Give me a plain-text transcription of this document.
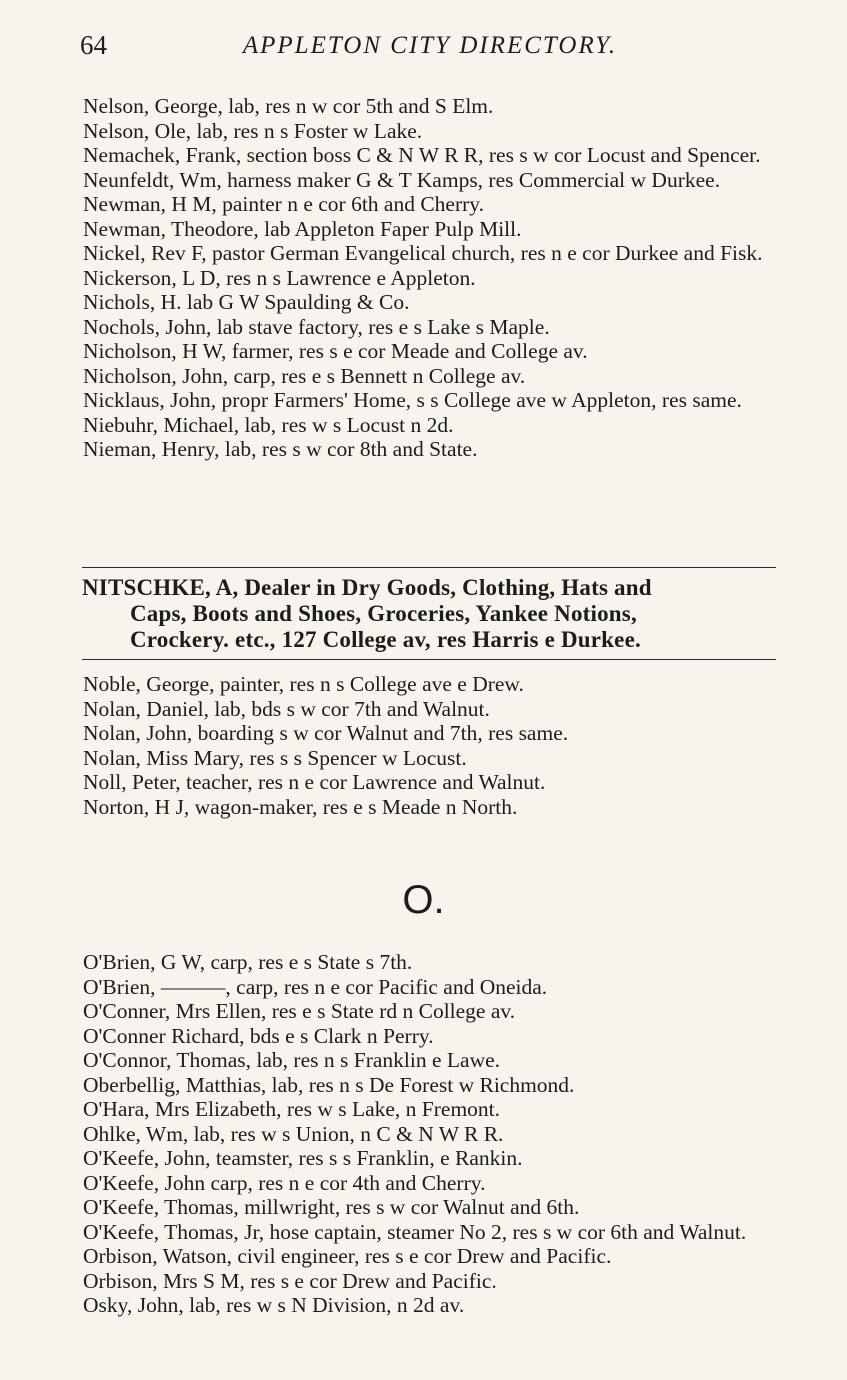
64	APPLETON CITY DIRECTORY.
Nelson, George, lab, res n w cor 5th and S Elm.
Nelson, Ole, lab, res n s Foster w Lake.
Nemachek, Frank, section boss C & N W R R, res s w cor Locust and Spencer.
Neunfeldt, Wm, harness maker G & T Kamps, res Commercial w Durkee.
Newman, H M, painter n e cor 6th and Cherry.
Newman, Theodore, lab Appleton Faper Pulp Mill.
Nickel, Rev F, pastor German Evangelical church, res n e cor Durkee and Fisk.
Nickerson, L D, res n s Lawrence e Appleton.
Nichols, H. lab G W Spaulding & Co.
Nochols, John, lab stave factory, res e s Lake s Maple.
Nicholson, H W, farmer, res s e cor Meade and College av.
Nicholson, John, carp, res e s Bennett n College av.
Nicklaus, John, propr Farmers' Home, s s College ave w Appleton, res same.
Niebuhr, Michael, lab, res w s Locust n 2d.
Nieman, Henry, lab, res s w cor 8th and State.
NITSCHKE, A, Dealer in Dry Goods, Clothing, Hats and
Caps, Boots and Shoes, Groceries, Yankee Notions,
Crockery. etc., 127 College av, res Harris e Durkee.
Noble, George, painter, res n s College ave e Drew.
Nolan, Daniel, lab, bds s w cor 7th and Walnut.
Nolan, John, boarding s w cor Walnut and 7th, res same.
Nolan, Miss Mary, res s s Spencer w Locust.
Noll, Peter, teacher, res n e cor Lawrence and Walnut.
Norton, H J, wagon-maker, res e s Meade n North.
O.
O'Brien, G W, carp, res e s State s 7th.
O'Brien, ———, carp, res n e cor Pacific and Oneida.
O'Conner, Mrs Ellen, res e s State rd n College av.
O'Conner Richard, bds e s Clark n Perry.
O'Connor, Thomas, lab, res n s Franklin e Lawe.
Oberbellig, Matthias, lab, res n s De Forest w Richmond.
O'Hara, Mrs Elizabeth, res w s Lake, n Fremont.
Ohlke, Wm, lab, res w s Union, n C & N W R R.
O'Keefe, John, teamster, res s s Franklin, e Rankin.
O'Keefe, John carp, res n e cor 4th and Cherry.
O'Keefe, Thomas, millwright, res s w cor Walnut and 6th.
O'Keefe, Thomas, Jr, hose captain, steamer No 2, res s w cor 6th and Walnut.
Orbison, Watson, civil engineer, res s e cor Drew and Pacific.
Orbison, Mrs S M, res s e cor Drew and Pacific.
Osky, John, lab, res w s N Division, n 2d av.
